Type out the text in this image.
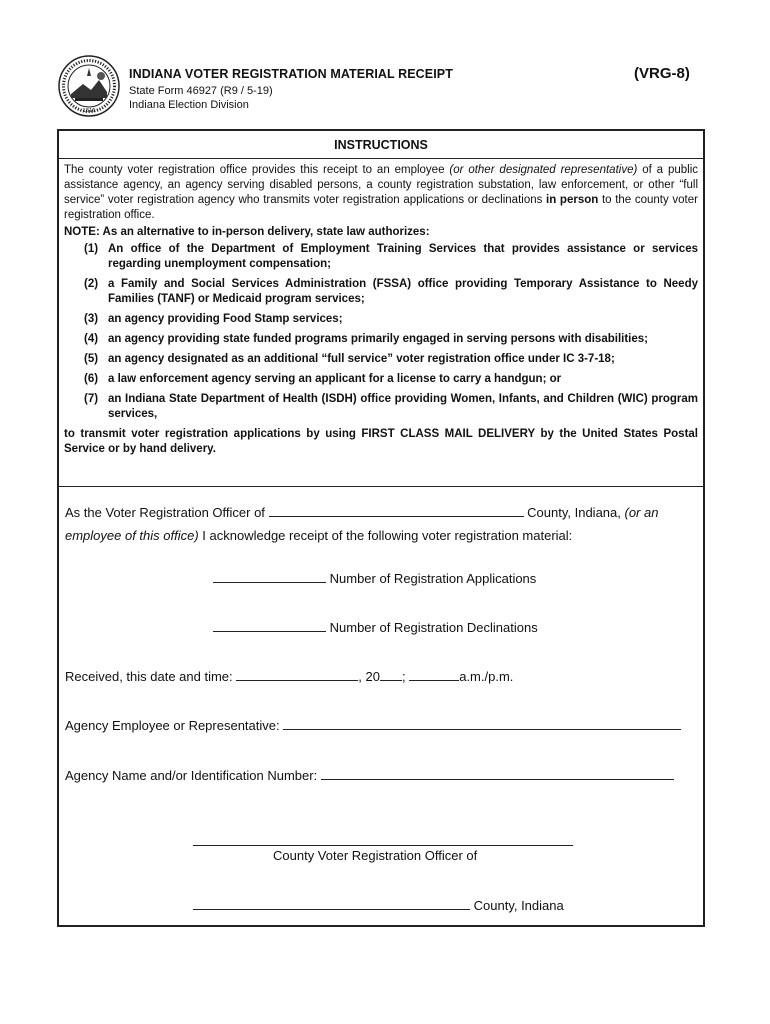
1816
INDIANA VOTER REGISTRATION MATERIAL RECEIPT	(VRG-8)
State Form 46927 (R9 / 5-19)
Indiana Election Division
INSTRUCTIONS

The county voter registration office provides this receipt to an employee (or other designated representative) of a public assistance agency, an agency serving disabled persons, a county registration substation, law enforcement, or other “full service” voter registration agency who transmits voter registration applications or declinations in person to the county voter registration office.

NOTE: As an alternative to in-person delivery, state law authorizes:

(1) An office of the Department of Employment Training Services that provides assistance or services regarding unemployment compensation;
(2) a Family and Social Services Administration (FSSA) office providing Temporary Assistance to Needy Families (TANF) or Medicaid program services;
(3) an agency providing Food Stamp services;
(4) an agency providing state funded programs primarily engaged in serving persons with disabilities;
(5) an agency designated as an additional “full service” voter registration office under IC 3-7-18;
(6) a law enforcement agency serving an applicant for a license to carry a handgun; or
(7) an Indiana State Department of Health (ISDH) office providing Women, Infants, and Children (WIC) program services,

to transmit voter registration applications by using FIRST CLASS MAIL DELIVERY by the United States Postal Service or by hand delivery.

As the Voter Registration Officer of	County, Indiana, (or an
employee of this office) I acknowledge receipt of the following voter registration material:
Number of Registration Applications
Number of Registration Declinations
Received, this date and time:	, 20 ;	a.m./p.m.
Agency Employee or Representative:
Agency Name and/or Identification Number:
County Voter Registration Officer of
County, Indiana
